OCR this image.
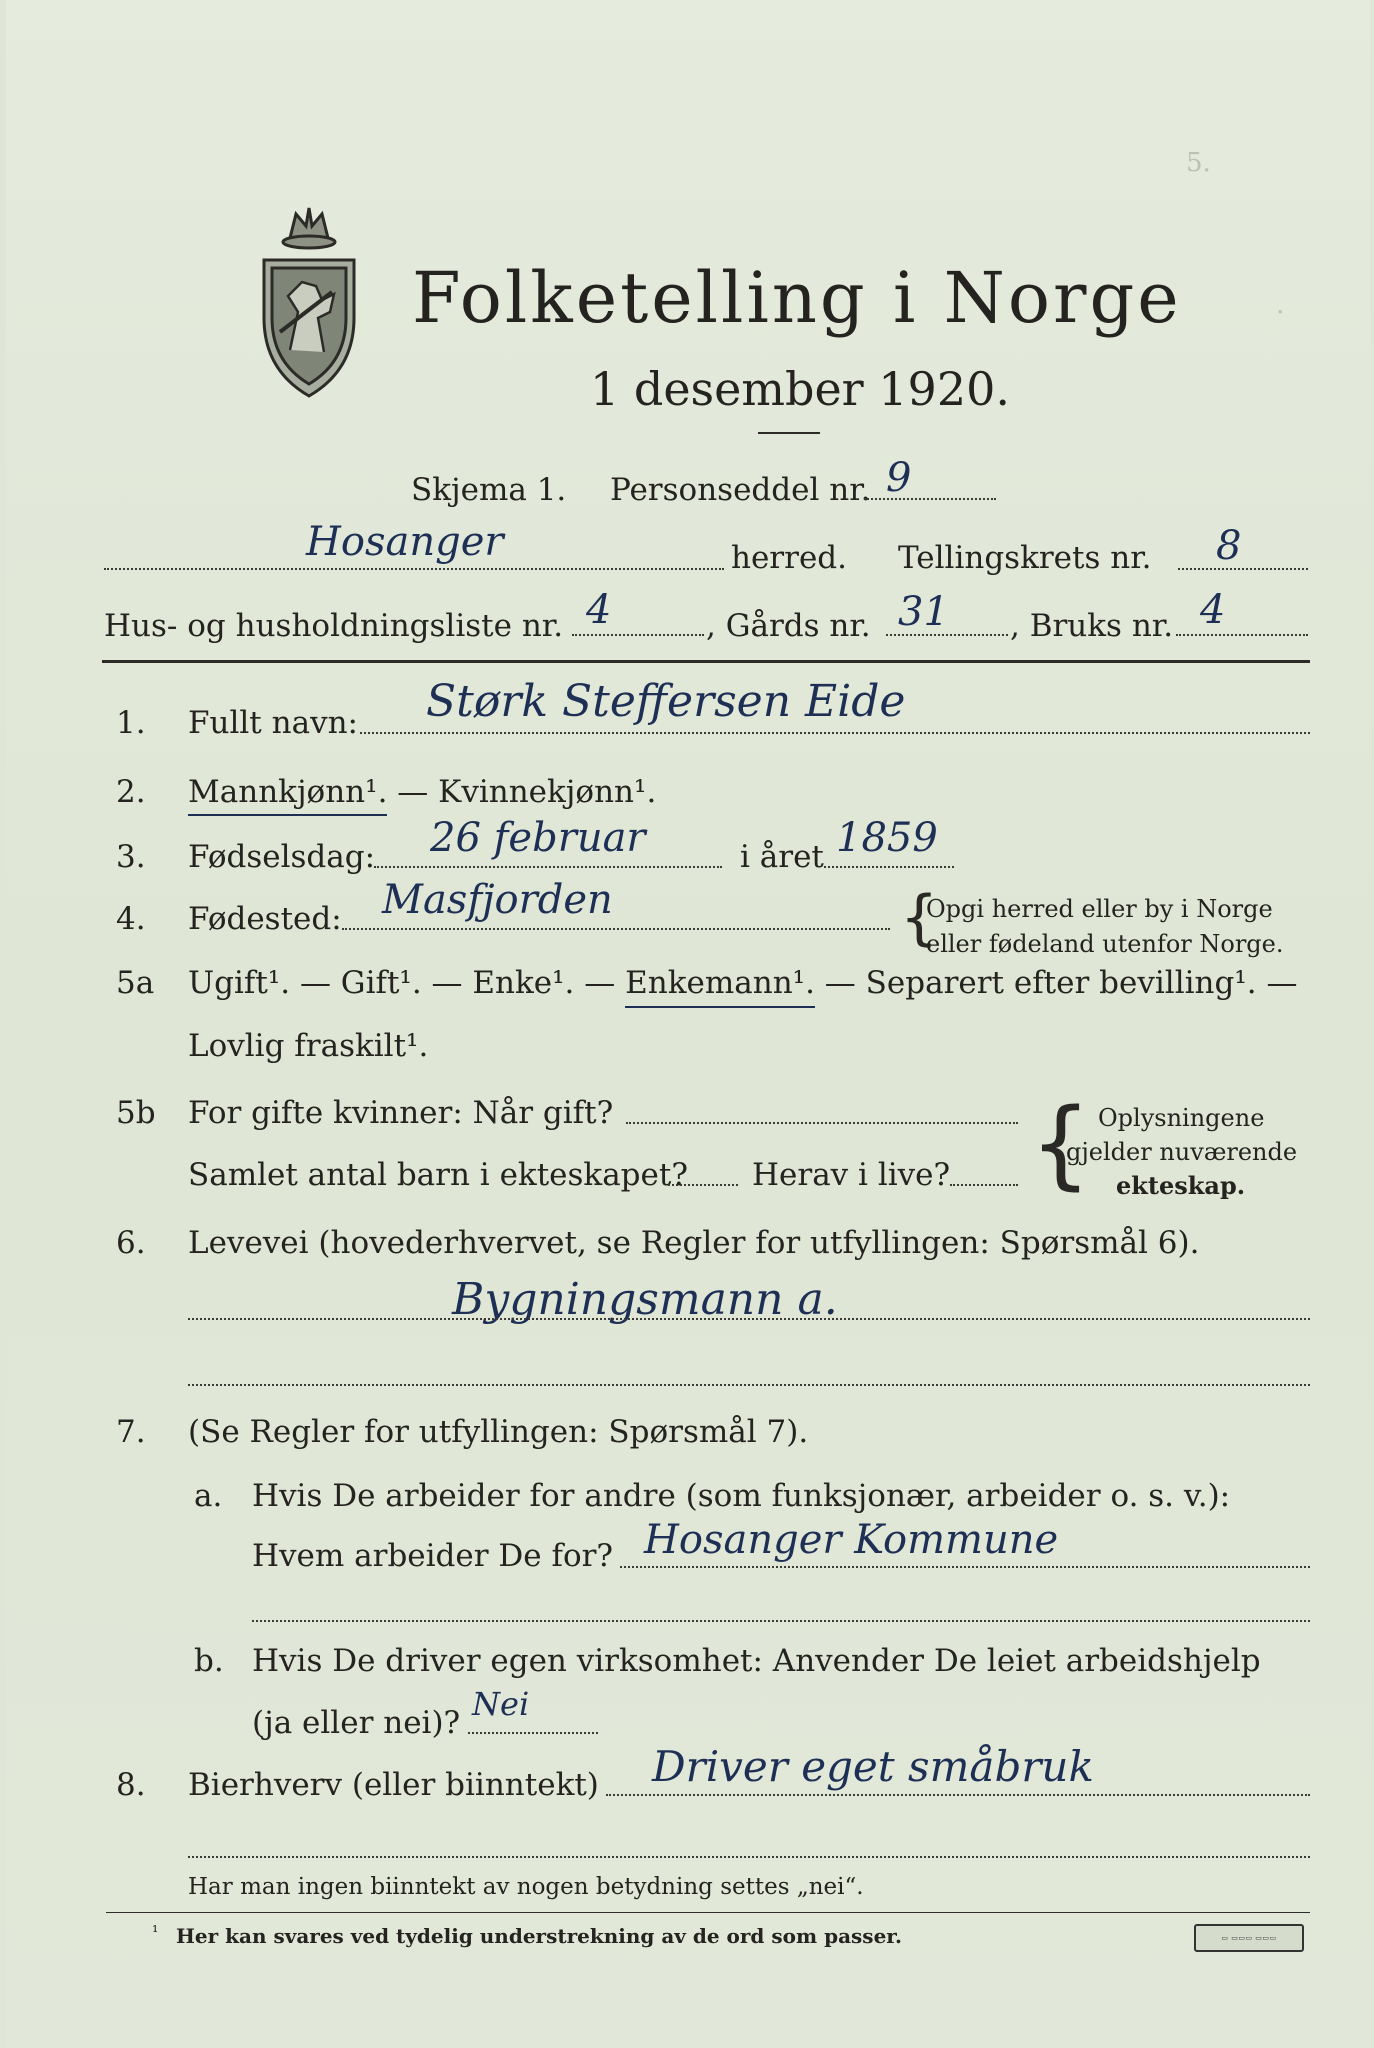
5.
·
Folketelling i Norge
1 desember 1920.
Skjema 1. Personseddel nr. 9
Hosanger	herred. Tellingskrets nr. 8
Hus- og husholdningsliste nr. 4	, Gårds nr. 31 , Bruks nr. 4
1. Fullt navn: Størk Steffersen Eide
2. Mannkjønn¹. — Kvinnekjønn¹.
3. Fødselsdag: 26 februar	i året 1859
4. Fødested: Masfjorden	{
Opgi herred eller by i Norge
eller fødeland utenfor Norge.
5a Ugift¹. — Gift¹. — Enke¹. — Enkemann¹. — Separert efter bevilling¹. —
Lovlig fraskilt¹.
5b For gifte kvinner: Når gift?
Samlet antal barn i ekteskapet? Herav i live? { Oplysningene
gjelder nuværende
ekteskap.
6. Levevei (hovederhvervet, se Regler for utfyllingen: Spørsmål 6).
Bygningsmann a.
7. (Se Regler for utfyllingen: Spørsmål 7).
a. Hvis De arbeider for andre (som funksjonær, arbeider o. s. v.):
Hvem arbeider De for? Hosanger Kommune
b. Hvis De driver egen virksomhet: Anvender De leiet arbeidshjelp
(ja eller nei)? Nei
8. Bierhverv (eller biinntekt) Driver eget småbruk
Har man ingen biinntekt av nogen betydning settes „nei“.
¹ Her kan svares ved tydelig understrekning av de ord som passer.	▭ ▭▭▭ ▭▭▭
